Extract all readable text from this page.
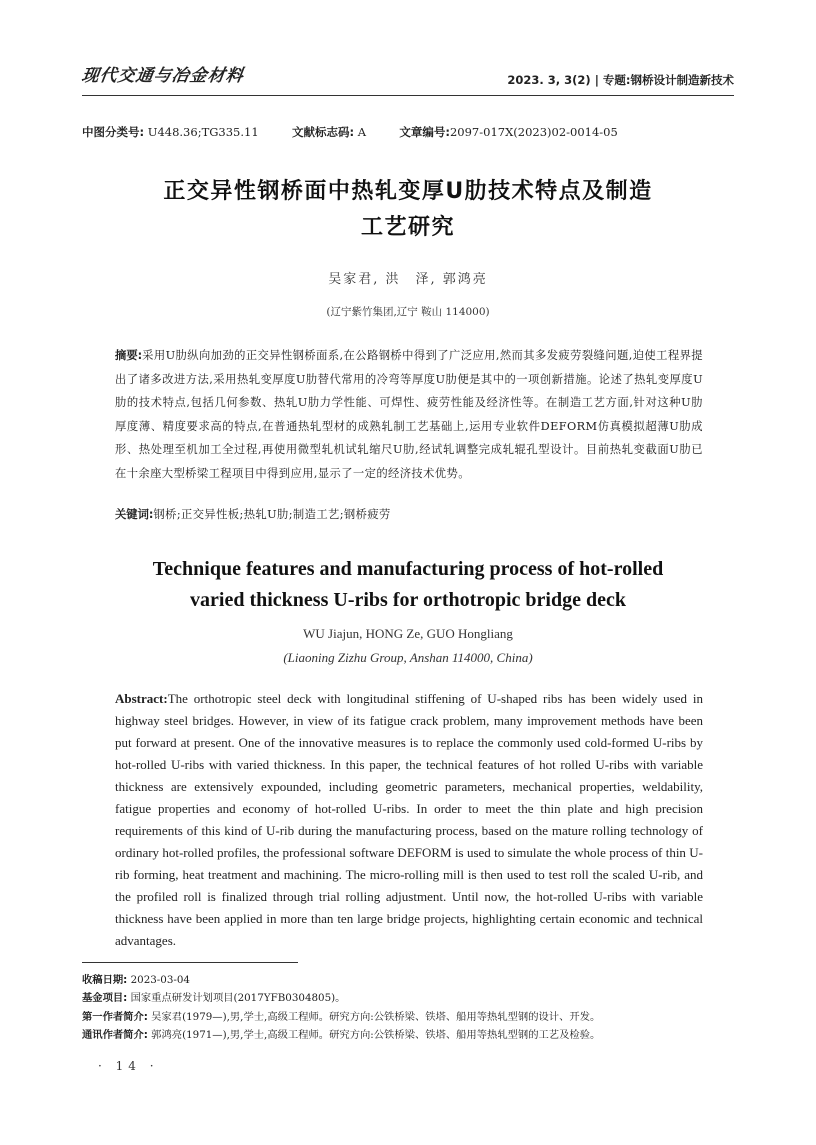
现代交通与冶金材料	2023. 3, 3(2) | 专题:钢桥设计制造新技术
中图分类号: U448.36;TG335.11	文献标志码: A	文章编号:2097-017X(2023)02-0014-05
正交异性钢桥面中热轧变厚U肋技术特点及制造
工艺研究
吴家君, 洪　泽, 郭鸿亮
(辽宁紫竹集团,辽宁 鞍山 114000)
摘要:采用U肋纵向加劲的正交异性钢桥面系,在公路钢桥中得到了广泛应用,然而其多发疲劳裂缝问题,迫使工程界提出了诸多改进方法,采用热轧变厚度U肋替代常用的冷弯等厚度U肋便是其中的一项创新措施。论述了热轧变厚度U肋的技术特点,包括几何参数、热轧U肋力学性能、可焊性、疲劳性能及经济性等。在制造工艺方面,针对这种U肋厚度薄、精度要求高的特点,在普通热轧型材的成熟轧制工艺基础上,运用专业软件DEFORM仿真模拟超薄U肋成形、热处理至机加工全过程,再使用微型轧机试轧缩尺U肋,经试轧调整完成轧辊孔型设计。目前热轧变截面U肋已在十余座大型桥梁工程项目中得到应用,显示了一定的经济技术优势。
关键词:钢桥;正交异性板;热轧U肋;制造工艺;钢桥疲劳
Technique features and manufacturing process of hot-rolled
varied thickness U-ribs for orthotropic bridge deck
WU Jiajun, HONG Ze, GUO Hongliang
(Liaoning Zizhu Group, Anshan 114000, China)
Abstract:The orthotropic steel deck with longitudinal stiffening of U-shaped ribs has been widely used in highway steel bridges. However, in view of its fatigue crack problem, many improvement methods have been put forward at present. One of the innovative measures is to replace the commonly used cold-formed U-ribs by hot-rolled U-ribs with varied thickness. In this paper, the technical features of hot rolled U-ribs with variable thickness are extensively expounded, including geometric parameters, mechanical properties, weldability, fatigue properties and economy of hot-rolled U-ribs. In order to meet the thin plate and high precision requirements of this kind of U-rib during the manufacturing process, based on the mature rolling technology of ordinary hot-rolled profiles, the professional software DEFORM is used to simulate the whole process of thin U-rib forming, heat treatment and machining. The micro-rolling mill is then used to test roll the scaled U-rib, and the profiled roll is finalized through trial rolling adjustment. Until now, the hot-rolled U-ribs with variable thickness have been applied in more than ten large bridge projects, highlighting certain economic and technical advantages.
收稿日期: 2023-03-04
基金项目: 国家重点研发计划项目(2017YFB0304805)。
第一作者简介: 吴家君(1979—),男,学士,高级工程师。研究方向:公铁桥梁、铁塔、船用等热轧型钢的设计、开发。
通讯作者简介: 郭鸿亮(1971—),男,学士,高级工程师。研究方向:公铁桥梁、铁塔、船用等热轧型钢的工艺及检验。
· 14 ·
